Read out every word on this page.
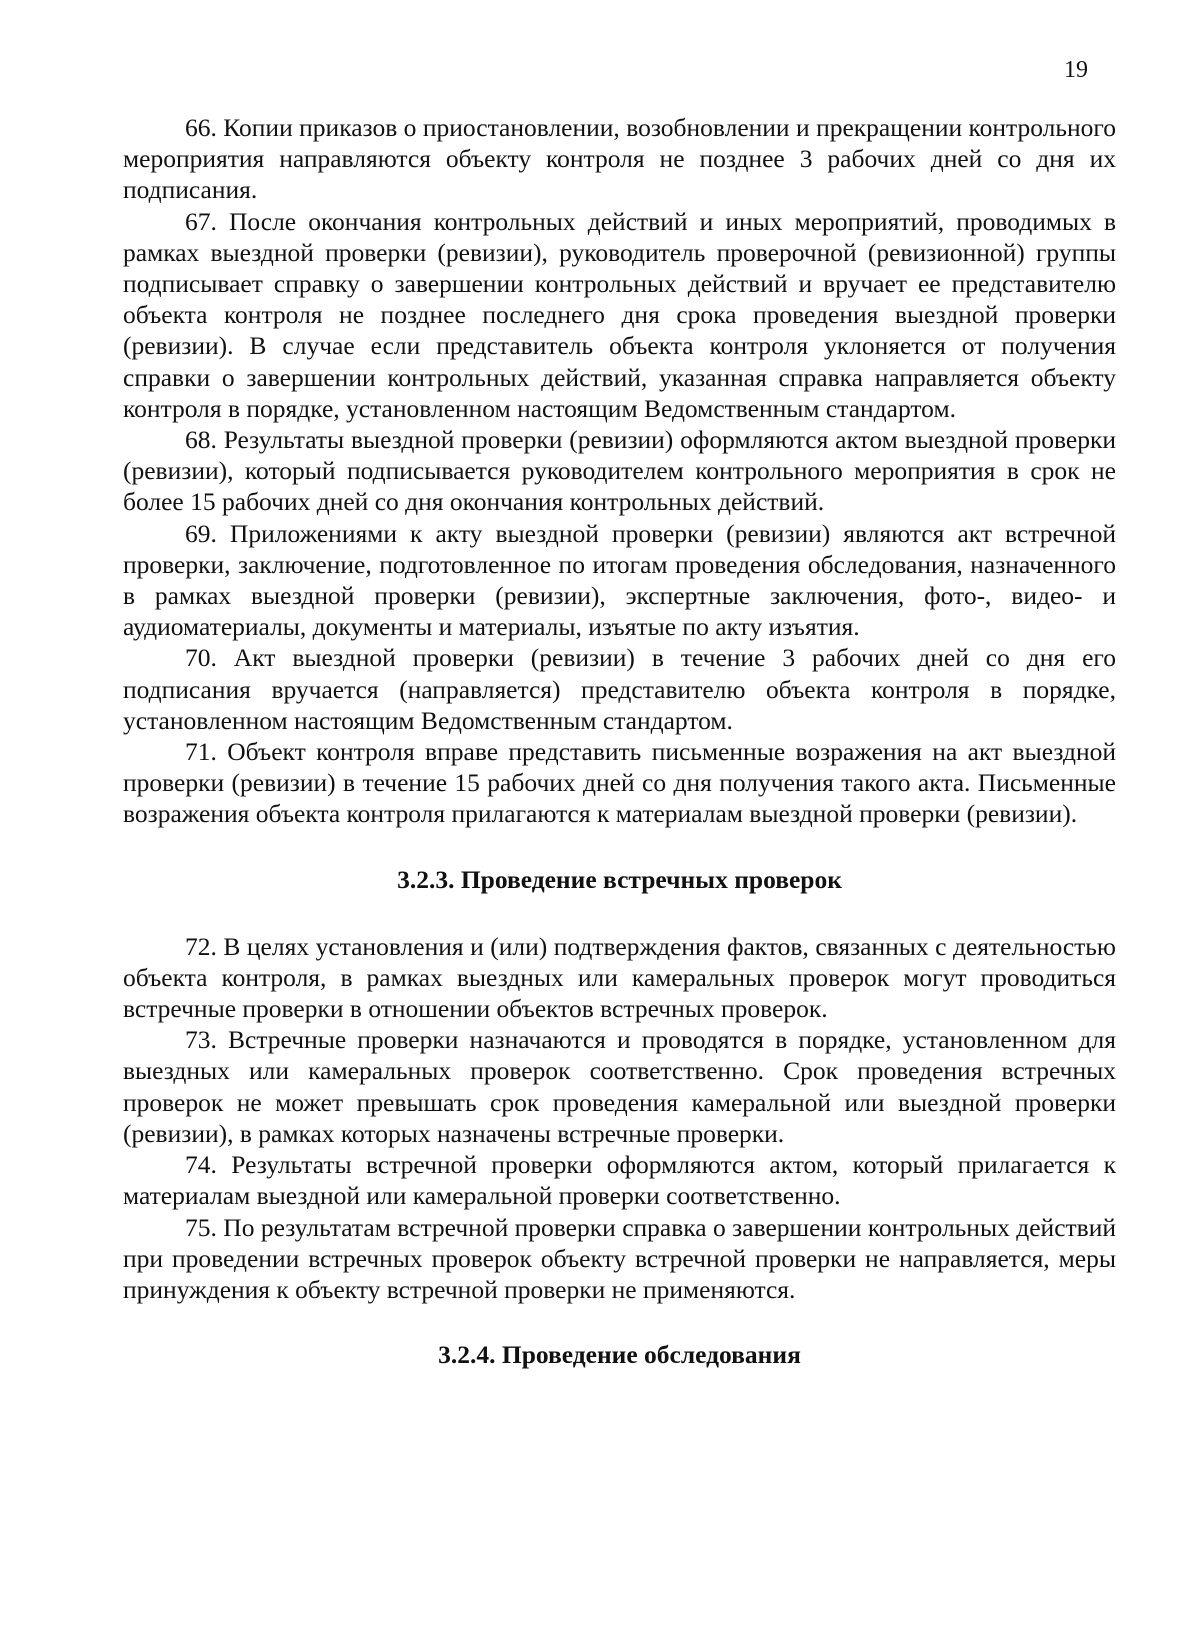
19

66. Копии приказов о приостановлении, возобновлении и прекращении контрольного мероприятия направляются объекту контроля не позднее 3 рабочих дней со дня их подписания.

67. После окончания контрольных действий и иных мероприятий, проводимых в рамках выездной проверки (ревизии), руководитель проверочной (ревизионной) группы подписывает справку о завершении контрольных действий и вручает ее представителю объекта контроля не позднее последнего дня срока проведения выездной проверки (ревизии). В случае если представитель объекта контроля уклоняется от получения справки о завершении контрольных действий, указанная справка направляется объекту контроля в порядке, установленном настоящим Ведомственным стандартом.

68. Результаты выездной проверки (ревизии) оформляются актом выездной проверки (ревизии), который подписывается руководителем контрольного мероприятия в срок не более 15 рабочих дней со дня окончания контрольных действий.

69. Приложениями к акту выездной проверки (ревизии) являются акт встречной проверки, заключение, подготовленное по итогам проведения обследования, назначенного в рамках выездной проверки (ревизии), экспертные заключения, фото-, видео- и аудиоматериалы, документы и материалы, изъятые по акту изъятия.

70. Акт выездной проверки (ревизии) в течение 3 рабочих дней со дня его подписания вручается (направляется) представителю объекта контроля в порядке, установленном настоящим Ведомственным стандартом.

71. Объект контроля вправе представить письменные возражения на акт выездной проверки (ревизии) в течение 15 рабочих дней со дня получения такого акта. Письменные возражения объекта контроля прилагаются к материалам выездной проверки (ревизии).

3.2.3. Проведение встречных проверок

72. В целях установления и (или) подтверждения фактов, связанных с деятельностью объекта контроля, в рамках выездных или камеральных проверок могут проводиться встречные проверки в отношении объектов встречных проверок.

73. Встречные проверки назначаются и проводятся в порядке, установленном для выездных или камеральных проверок соответственно. Срок проведения встречных проверок не может превышать срок проведения камеральной или выездной проверки (ревизии), в рамках которых назначены встречные проверки.

74. Результаты встречной проверки оформляются актом, который прилагается к материалам выездной или камеральной проверки соответственно.

75. По результатам встречной проверки справка о завершении контрольных действий при проведении встречных проверок объекту встречной проверки не направляется, меры принуждения к объекту встречной проверки не применяются.

3.2.4. Проведение обследования
